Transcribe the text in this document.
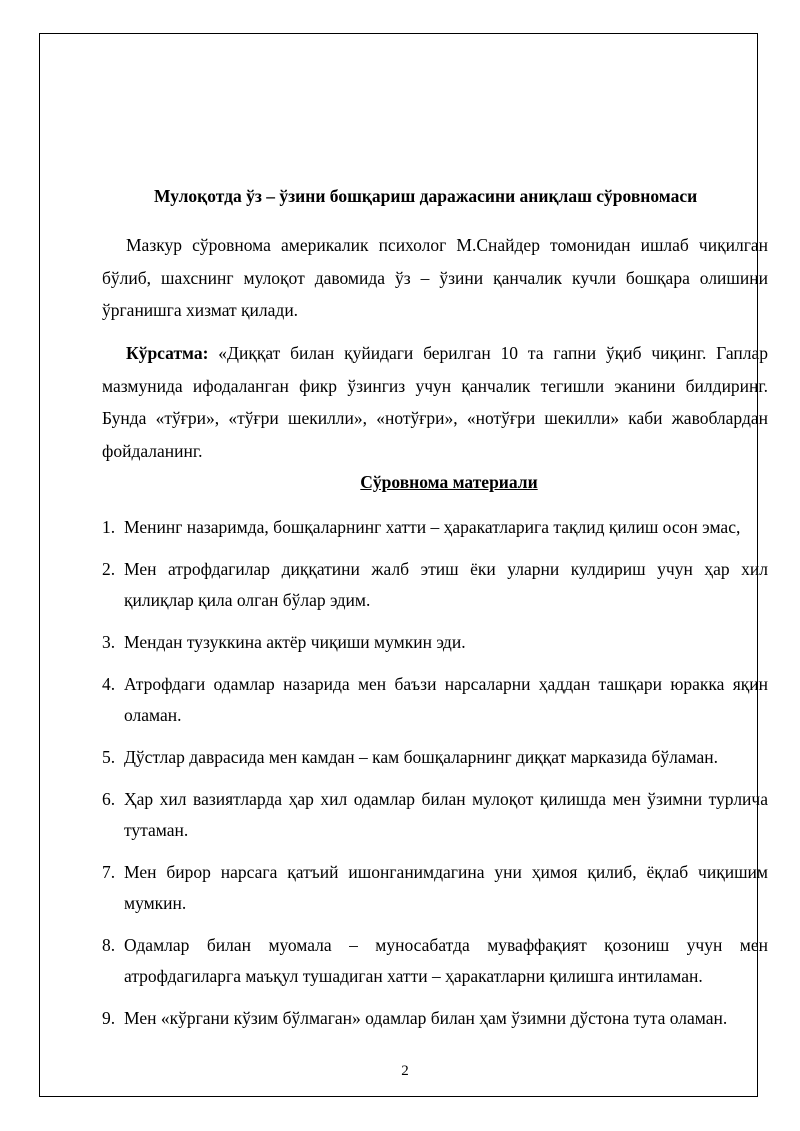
Мулоқотда ўз – ўзини бошқариш даражасини аниқлаш сўровномаси
Мазкур сўровнома америкалик психолог М.Снайдер томонидан ишлаб чиқилган бўлиб, шахснинг мулоқот давомида ўз – ўзини қанчалик кучли бошқара олишини ўрганишга хизмат қилади.
Кўрсатма: «Диққат билан қуйидаги берилган 10 та гапни ўқиб чиқинг. Гаплар мазмунида ифодаланган фикр ўзингиз учун қанчалик тегишли эканини билдиринг. Бунда «тўғри», «тўғри шекилли», «нотўғри», «нотўғри шекилли» каби жавоблардан фойдаланинг.
Сўровнома материали
1. Менинг назаримда, бошқаларнинг хатти – ҳаракатларига тақлид қилиш осон эмас,
2. Мен атрофдагилар диққатини жалб этиш ёки уларни кулдириш учун ҳар хил қилиқлар қила олган бўлар эдим.
3. Мендан тузуккина актёр чиқиши мумкин эди.
4. Атрофдаги одамлар назарида мен баъзи нарсаларни ҳаддан ташқари юракка яқин оламан.
5. Дўстлар даврасида мен камдан – кам бошқаларнинг диққат марказида бўламан.
6. Ҳар хил вазиятларда ҳар хил одамлар билан мулоқот қилишда мен ўзимни турлича тутаман.
7. Мен бирор нарсага қатъий ишонганимдагина уни ҳимоя қилиб, ёқлаб чиқишим мумкин.
8. Одамлар билан муомала – муносабатда муваффақият қозониш учун мен атрофдагиларга маъқул тушадиган хатти – ҳаракатларни қилишга интиламан.
9. Мен «кўргани кўзим бўлмаган» одамлар билан ҳам ўзимни дўстона тута оламан.
2
